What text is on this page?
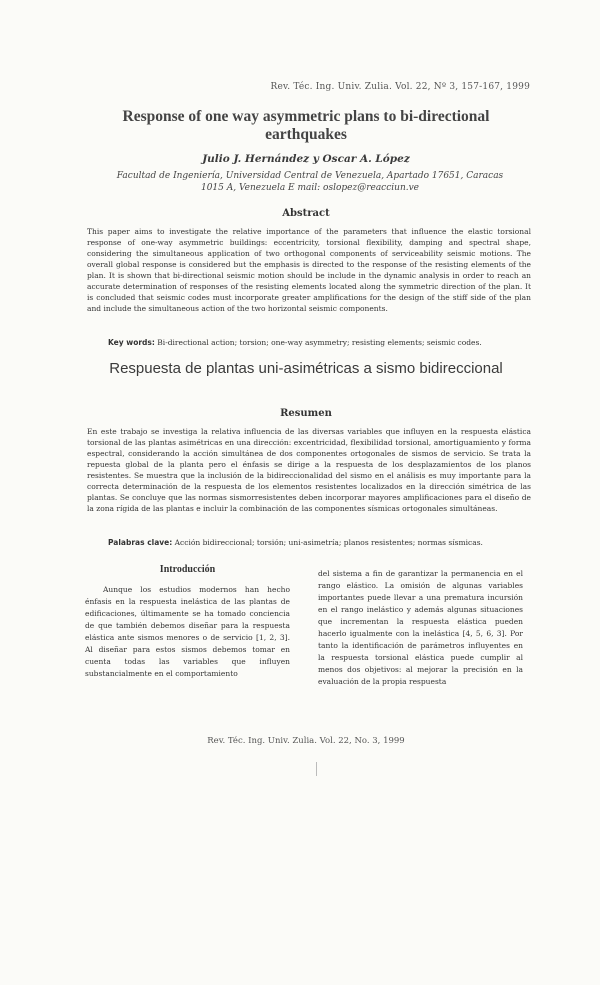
Rev. Téc. Ing. Univ. Zulia. Vol. 22, Nº 3, 157-167, 1999
Response of one way asymmetric plans to bi-directional earthquakes
Julio J. Hernández y Oscar A. López
Facultad de Ingeniería, Universidad Central de Venezuela, Apartado 17651, Caracas 1015 A, Venezuela E mail: oslopez@reacciun.ve
Abstract
This paper aims to investigate the relative importance of the parameters that influence the elastic torsional response of one-way asymmetric buildings: eccentricity, torsional flexibility, damping and spectral shape, considering the simultaneous application of two orthogonal components of serviceability seismic motions. The overall global response is considered but the emphasis is directed to the response of the resisting elements of the plan. It is shown that bi-directional seismic motion should be include in the dynamic analysis in order to reach an accurate determination of responses of the resisting elements located along the symmetric direction of the plan. It is concluded that seismic codes must incorporate greater amplifications for the design of the stiff side of the plan and include the simultaneous action of the two horizontal seismic components.
Key words: Bi-directional action; torsion; one-way asymmetry; resisting elements; seismic codes.
Respuesta de plantas uni-asimétricas a sismo bidireccional
Resumen
En este trabajo se investiga la relativa influencia de las diversas variables que influyen en la respuesta elástica torsional de las plantas asimétricas en una dirección: excentricidad, flexibilidad torsional, amortiguamiento y forma espectral, considerando la acción simultánea de dos componentes ortogonales de sismos de servicio. Se trata la repuesta global de la planta pero el énfasis se dirige a la respuesta de los desplazamientos de los planos resistentes. Se muestra que la inclusión de la bidireccionalidad del sismo en el análisis es muy importante para la correcta determinación de la respuesta de los elementos resistentes localizados en la dirección simétrica de las plantas. Se concluye que las normas sismorresistentes deben incorporar mayores amplificaciones para el diseño de la zona rígida de las plantas e incluir la combinación de las componentes sísmicas ortogonales simultáneas.
Palabras clave: Acción bidireccional; torsión; uni-asimetría; planos resistentes; normas sísmicas.
Introducción
Aunque los estudios modernos han hecho énfasis en la respuesta inelástica de las plantas de edificaciones, últimamente se ha tomado conciencia de que también debemos diseñar para la respuesta elástica ante sismos menores o de servicio [1, 2, 3]. Al diseñar para estos sismos debemos tomar en cuenta todas las variables que influyen substancialmente en el comportamiento
del sistema a fin de garantizar la permanencia en el rango elástico. La omisión de algunas variables importantes puede llevar a una prematura incursión en el rango inelástico y además algunas situaciones que incrementan la respuesta elástica pueden hacerlo igualmente con la inelástica [4, 5, 6, 3]. Por tanto la identificación de parámetros influyentes en la respuesta torsional elástica puede cumplir al menos dos objetivos: al mejorar la precisión en la evaluación de la propia respuesta
Rev. Téc. Ing. Univ. Zulia. Vol. 22, No. 3, 1999
